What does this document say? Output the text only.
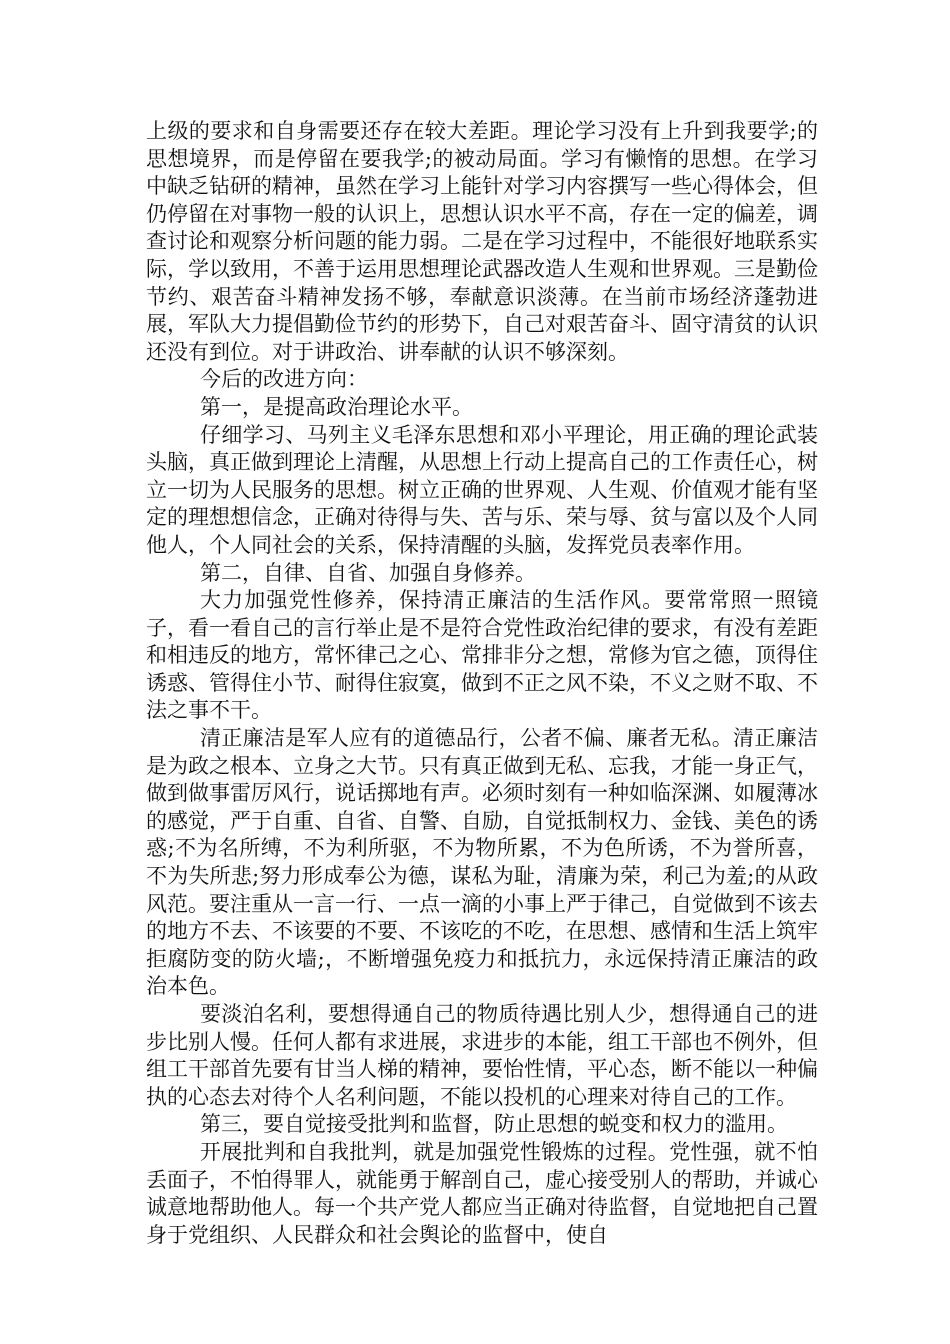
上级的要求和自身需要还存在较大差距。理论学习没有上升到我要学;的思想境界，而是停留在要我学;的被动局面。学习有懒惰的思想。在学习中缺乏钻研的精神，虽然在学习上能针对学习内容撰写一些心得体会，但仍停留在对事物一般的认识上，思想认识水平不高，存在一定的偏差，调查讨论和观察分析问题的能力弱。二是在学习过程中，不能很好地联系实际，学以致用，不善于运用思想理论武器改造人生观和世界观。三是勤俭节约、艰苦奋斗精神发扬不够，奉献意识淡薄。在当前市场经济蓬勃进展，军队大力提倡勤俭节约的形势下，自己对艰苦奋斗、固守清贫的认识还没有到位。对于讲政治、讲奉献的认识不够深刻。

今后的改进方向：

第一，是提高政治理论水平。

仔细学习、马列主义毛泽东思想和邓小平理论，用正确的理论武装头脑，真正做到理论上清醒，从思想上行动上提高自己的工作责任心，树立一切为人民服务的思想。树立正确的世界观、人生观、价值观才能有坚定的理想想信念，正确对待得与失、苦与乐、荣与辱、贫与富以及个人同他人，个人同社会的关系，保持清醒的头脑，发挥党员表率作用。

第二，自律、自省、加强自身修养。

大力加强党性修养，保持清正廉洁的生活作风。要常常照一照镜子，看一看自己的言行举止是不是符合党性政治纪律的要求，有没有差距和相违反的地方，常怀律己之心、常排非分之想，常修为官之德，顶得住诱惑、管得住小节、耐得住寂寞，做到不正之风不染，不义之财不取、不法之事不干。

清正廉洁是军人应有的道德品行，公者不偏、廉者无私。清正廉洁是为政之根本、立身之大节。只有真正做到无私、忘我，才能一身正气，做到做事雷厉风行，说话掷地有声。必须时刻有一种如临深渊、如履薄冰的感觉，严于自重、自省、自警、自励，自觉抵制权力、金钱、美色的诱惑;不为名所缚，不为利所驱，不为物所累，不为色所诱，不为誉所喜，不为失所悲;努力形成奉公为德，谋私为耻，清廉为荣，利己为羞;的从政风范。要注重从一言一行、一点一滴的小事上严于律己，自觉做到不该去的地方不去、不该要的不要、不该吃的不吃，在思想、感情和生活上筑牢拒腐防变的防火墙;，不断增强免疫力和抵抗力，永远保持清正廉洁的政治本色。

要淡泊名利，要想得通自己的物质待遇比别人少，想得通自己的进步比别人慢。任何人都有求进展，求进步的本能，组工干部也不例外，但组工干部首先要有甘当人梯的精神，要怡性情，平心态，断不能以一种偏执的心态去对待个人名利问题，不能以投机的心理来对待自己的工作。

第三，要自觉接受批判和监督，防止思想的蜕变和权力的滥用。

开展批判和自我批判，就是加强党性锻炼的过程。党性强，就不怕丢面子，不怕得罪人，就能勇于解剖自己，虚心接受别人的帮助，并诚心诚意地帮助他人。每一个共产党人都应当正确对待监督，自觉地把自己置身于党组织、人民群众和社会舆论的监督中，使自
